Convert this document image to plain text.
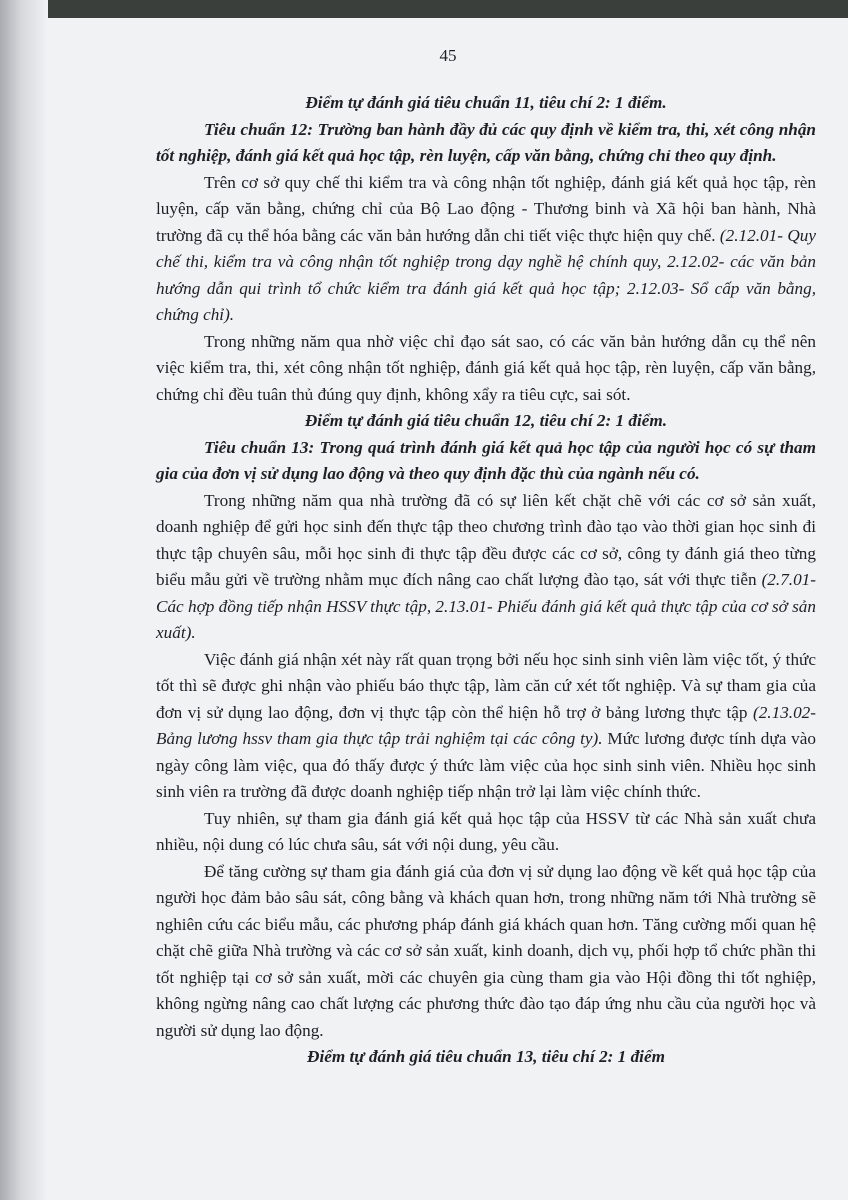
45

Điểm tự đánh giá tiêu chuẩn 11, tiêu chí 2: 1 điểm.

Tiêu chuẩn 12: Trường ban hành đầy đủ các quy định về kiểm tra, thi, xét công nhận tốt nghiệp, đánh giá kết quả học tập, rèn luyện, cấp văn bằng, chứng chỉ theo quy định.

Trên cơ sở quy chế thi kiểm tra và công nhận tốt nghiệp, đánh giá kết quả học tập, rèn luyện, cấp văn bằng, chứng chỉ của Bộ Lao động - Thương binh và Xã hội ban hành, Nhà trường đã cụ thể hóa bằng các văn bản hướng dẫn chi tiết việc thực hiện quy chế. (2.12.01- Quy chế thi, kiểm tra và công nhận tốt nghiệp trong dạy nghề hệ chính quy, 2.12.02- các văn bản hướng dẫn qui trình tổ chức kiểm tra đánh giá kết quả học tập; 2.12.03- Sổ cấp văn bằng, chứng chỉ).

Trong những năm qua nhờ việc chỉ đạo sát sao, có các văn bản hướng dẫn cụ thể nên việc kiểm tra, thi, xét công nhận tốt nghiệp, đánh giá kết quả học tập, rèn luyện, cấp văn bằng, chứng chỉ đều tuân thủ đúng quy định, không xẩy ra tiêu cực, sai sót.

Điểm tự đánh giá tiêu chuẩn 12, tiêu chí 2: 1 điểm.

Tiêu chuẩn 13: Trong quá trình đánh giá kết quả học tập của người học có sự tham gia của đơn vị sử dụng lao động và theo quy định đặc thù của ngành nếu có.

Trong những năm qua nhà trường đã có sự liên kết chặt chẽ với các cơ sở sản xuất, doanh nghiệp để gửi học sinh đến thực tập theo chương trình đào tạo vào thời gian học sinh đi thực tập chuyên sâu, mỗi học sinh đi thực tập đều được các cơ sở, công ty đánh giá theo từng biểu mẫu gửi về trường nhằm mục đích nâng cao chất lượng đào tạo, sát với thực tiễn (2.7.01- Các hợp đồng tiếp nhận HSSV thực tập, 2.13.01- Phiếu đánh giá kết quả thực tập của cơ sở sản xuất).

Việc đánh giá nhận xét này rất quan trọng bởi nếu học sinh sinh viên làm việc tốt, ý thức tốt thì sẽ được ghi nhận vào phiếu báo thực tập, làm căn cứ xét tốt nghiệp. Và sự tham gia của đơn vị sử dụng lao động, đơn vị thực tập còn thể hiện hỗ trợ ở bảng lương thực tập (2.13.02- Bảng lương hssv tham gia thực tập trải nghiệm tại các công ty). Mức lương được tính dựa vào ngày công làm việc, qua đó thấy được ý thức làm việc của học sinh sinh viên. Nhiều học sinh sinh viên ra trường đã được doanh nghiệp tiếp nhận trở lại làm việc chính thức.

Tuy nhiên, sự tham gia đánh giá kết quả học tập của HSSV từ các Nhà sản xuất chưa nhiều, nội dung có lúc chưa sâu, sát với nội dung, yêu cầu.

Để tăng cường sự tham gia đánh giá của đơn vị sử dụng lao động về kết quả học tập của người học đảm bảo sâu sát, công bằng và khách quan hơn, trong những năm tới Nhà trường sẽ nghiên cứu các biểu mẫu, các phương pháp đánh giá khách quan hơn. Tăng cường mối quan hệ chặt chẽ giữa Nhà trường và các cơ sở sản xuất, kinh doanh, dịch vụ, phối hợp tổ chức phần thi tốt nghiệp tại cơ sở sản xuất, mời các chuyên gia cùng tham gia vào Hội đồng thi tốt nghiệp, không ngừng nâng cao chất lượng các phương thức đào tạo đáp ứng nhu cầu của người học và người sử dụng lao động.

Điểm tự đánh giá tiêu chuẩn 13, tiêu chí 2: 1 điểm
